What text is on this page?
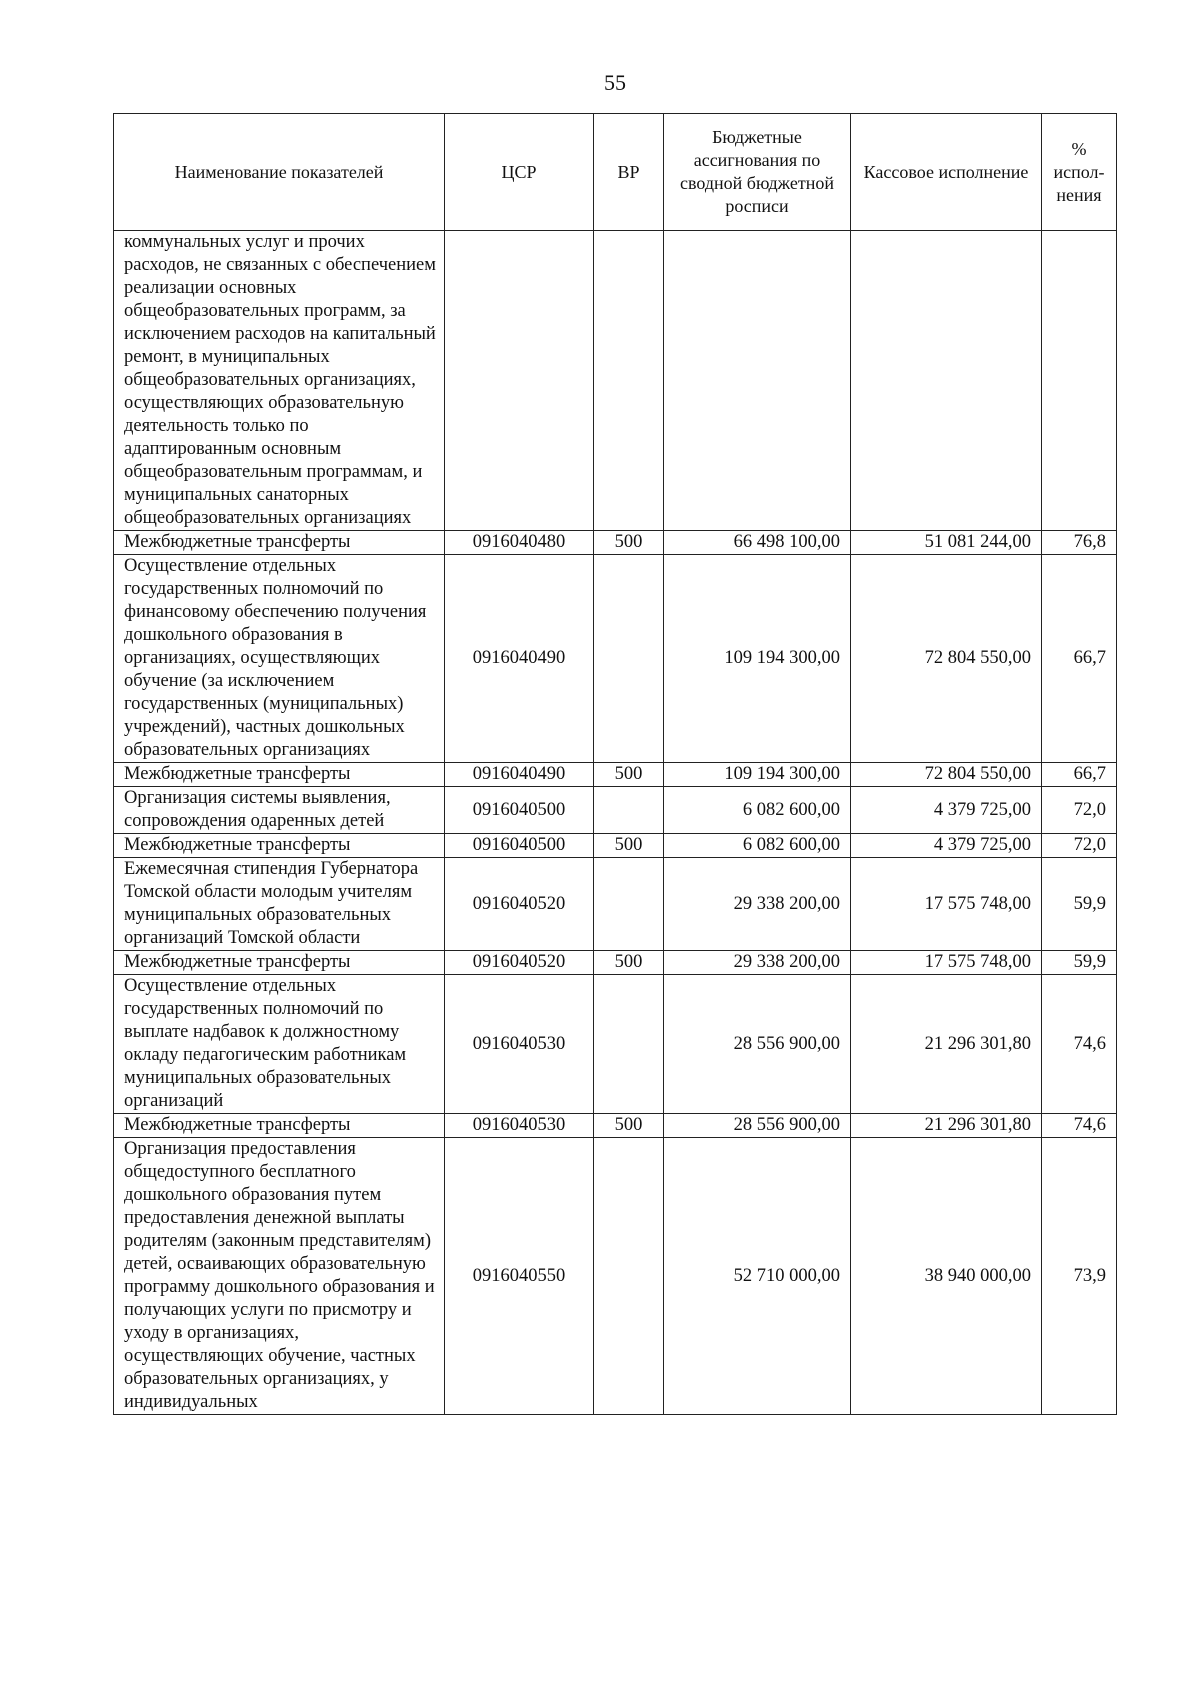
55
Наименование показателей	ЦСР	ВР	Бюджетные ассигнования по сводной бюджетной росписи	Кассовое исполнение	% испол-нения
коммунальных услуг и прочих расходов, не связанных с обеспечением реализации основных общеобразовательных программ, за исключением расходов на капитальный ремонт, в муниципальных общеобразовательных организациях, осуществляющих образовательную деятельность только по адаптированным основным общеобразовательным программам, и муниципальных санаторных общеобразовательных организациях					
Межбюджетные трансферты	0916040480	500	66 498 100,00	51 081 244,00	76,8
Осуществление отдельных государственных полномочий по финансовому обеспечению получения дошкольного образования в организациях, осуществляющих обучение (за исключением государственных (муниципальных) учреждений), частных дошкольных образовательных организациях	0916040490		109 194 300,00	72 804 550,00	66,7
Межбюджетные трансферты	0916040490	500	109 194 300,00	72 804 550,00	66,7
Организация системы выявления, сопровождения одаренных детей	0916040500		6 082 600,00	4 379 725,00	72,0
Межбюджетные трансферты	0916040500	500	6 082 600,00	4 379 725,00	72,0
Ежемесячная стипендия Губернатора Томской области молодым учителям муниципальных образовательных организаций Томской области	0916040520		29 338 200,00	17 575 748,00	59,9
Межбюджетные трансферты	0916040520	500	29 338 200,00	17 575 748,00	59,9
Осуществление отдельных государственных полномочий по выплате надбавок к должностному окладу педагогическим работникам муниципальных образовательных организаций	0916040530		28 556 900,00	21 296 301,80	74,6
Межбюджетные трансферты	0916040530	500	28 556 900,00	21 296 301,80	74,6
Организация предоставления общедоступного бесплатного дошкольного образования путем предоставления денежной выплаты родителям (законным представителям) детей, осваивающих образовательную программу дошкольного образования и получающих услуги по присмотру и уходу в организациях, осуществляющих обучение, частных образовательных организациях, у индивидуальных	0916040550		52 710 000,00	38 940 000,00	73,9
